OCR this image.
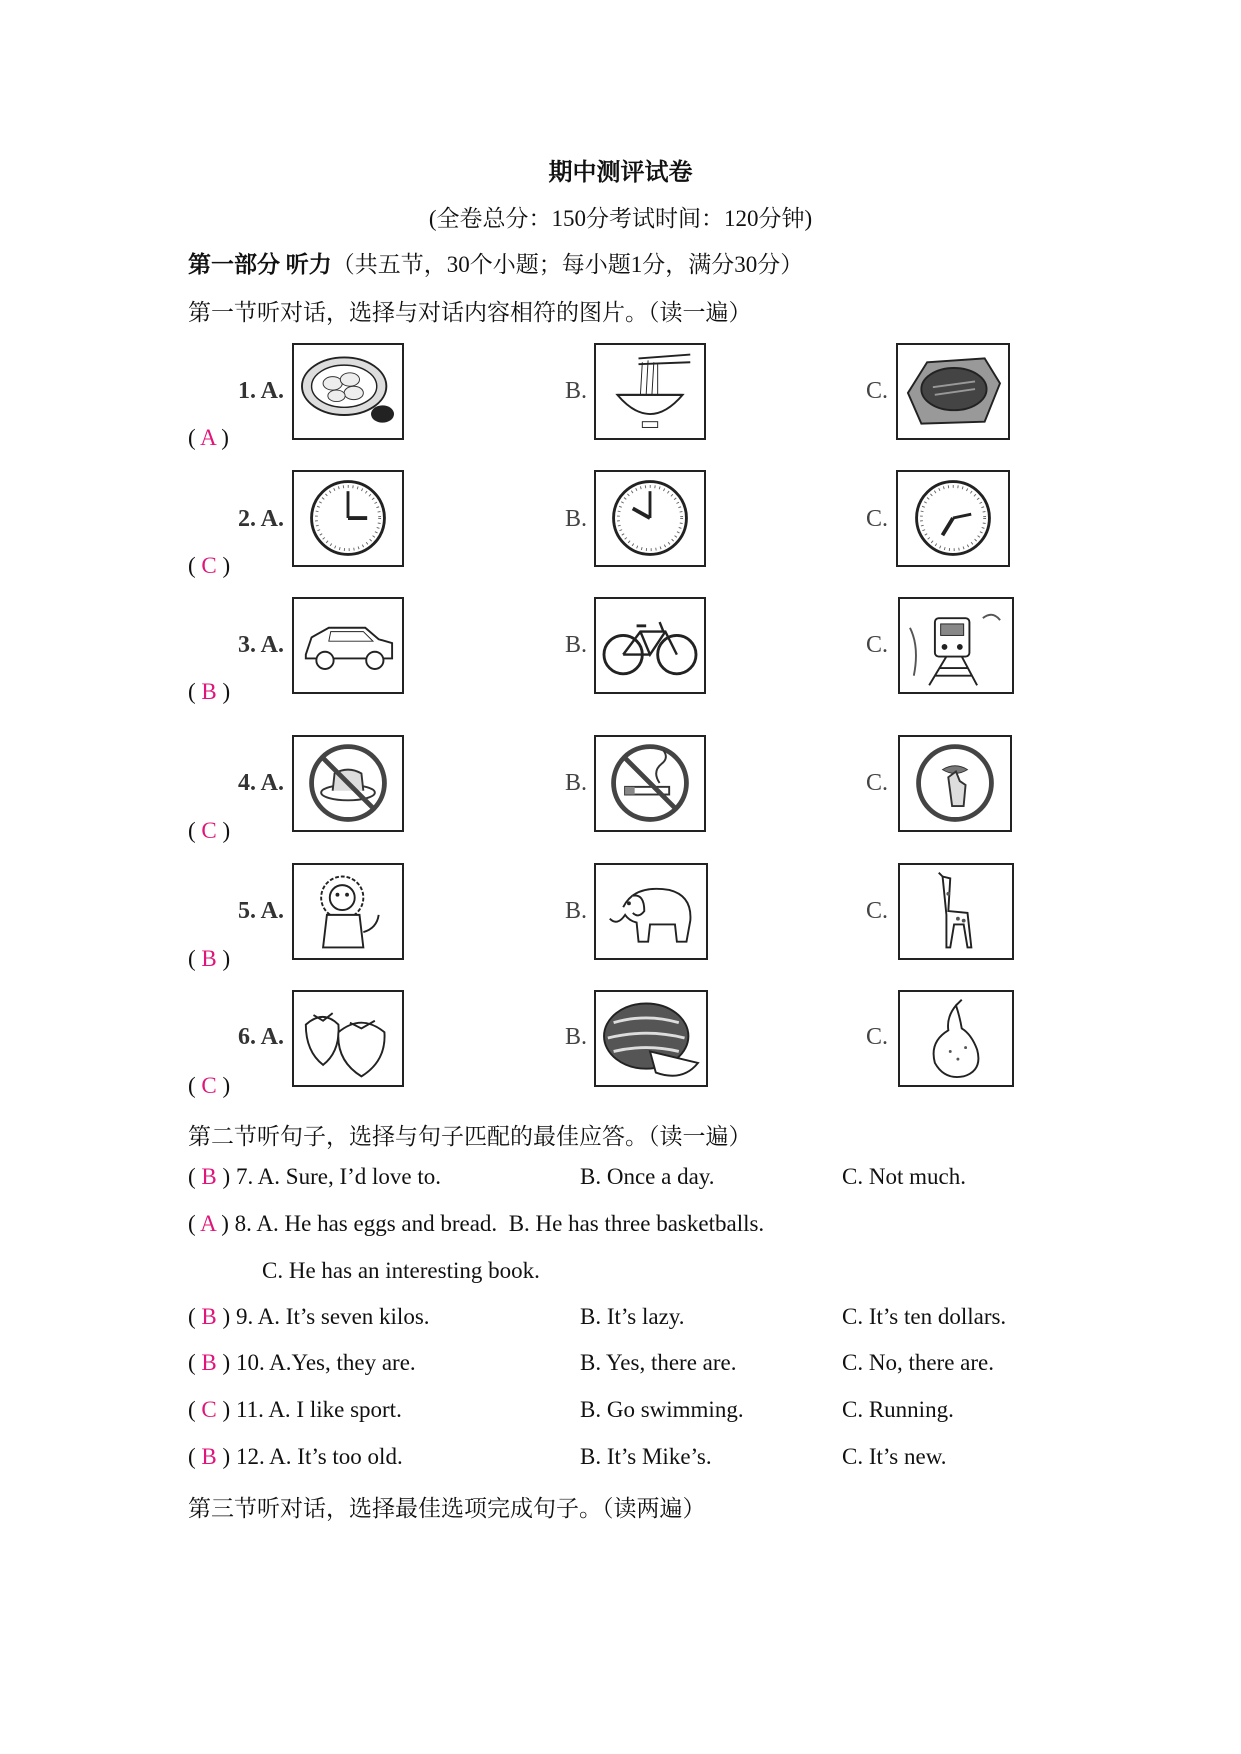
期中测评试卷
(全卷总分：150分考试时间：120分钟)
第一部分 听力（共五节，30个小题；每小题1分，满分30分）
第一节听对话，选择与对话内容相符的图片。（读一遍）
1. A.	B.	C.
( A )
2. A.	B.	C.
( C )
3. A.	B.	C.
( B )
4. A.	B.	C.
( C )
5. A.	B.	C.
( B )
6. A.	B.	C.
( C )
第二节听句子，选择与句子匹配的最佳应答。（读一遍）
( B ) 7. A. Sure, I’d love to.	B. Once a day.	C. Not much.
( A ) 8. A. He has eggs and bread. B. He has three basketballs.
C. He has an interesting book.
( B ) 9. A. It’s seven kilos.	B. It’s lazy.	C. It’s ten dollars.
( B ) 10. A.Yes, they are.	B. Yes, there are.	C. No, there are.
( C ) 11. A. I like sport.	B. Go swimming.	C. Running.
( B ) 12. A. It’s too old.	B. It’s Mike’s.	C. It’s new.
第三节听对话，选择最佳选项完成句子。（读两遍）
